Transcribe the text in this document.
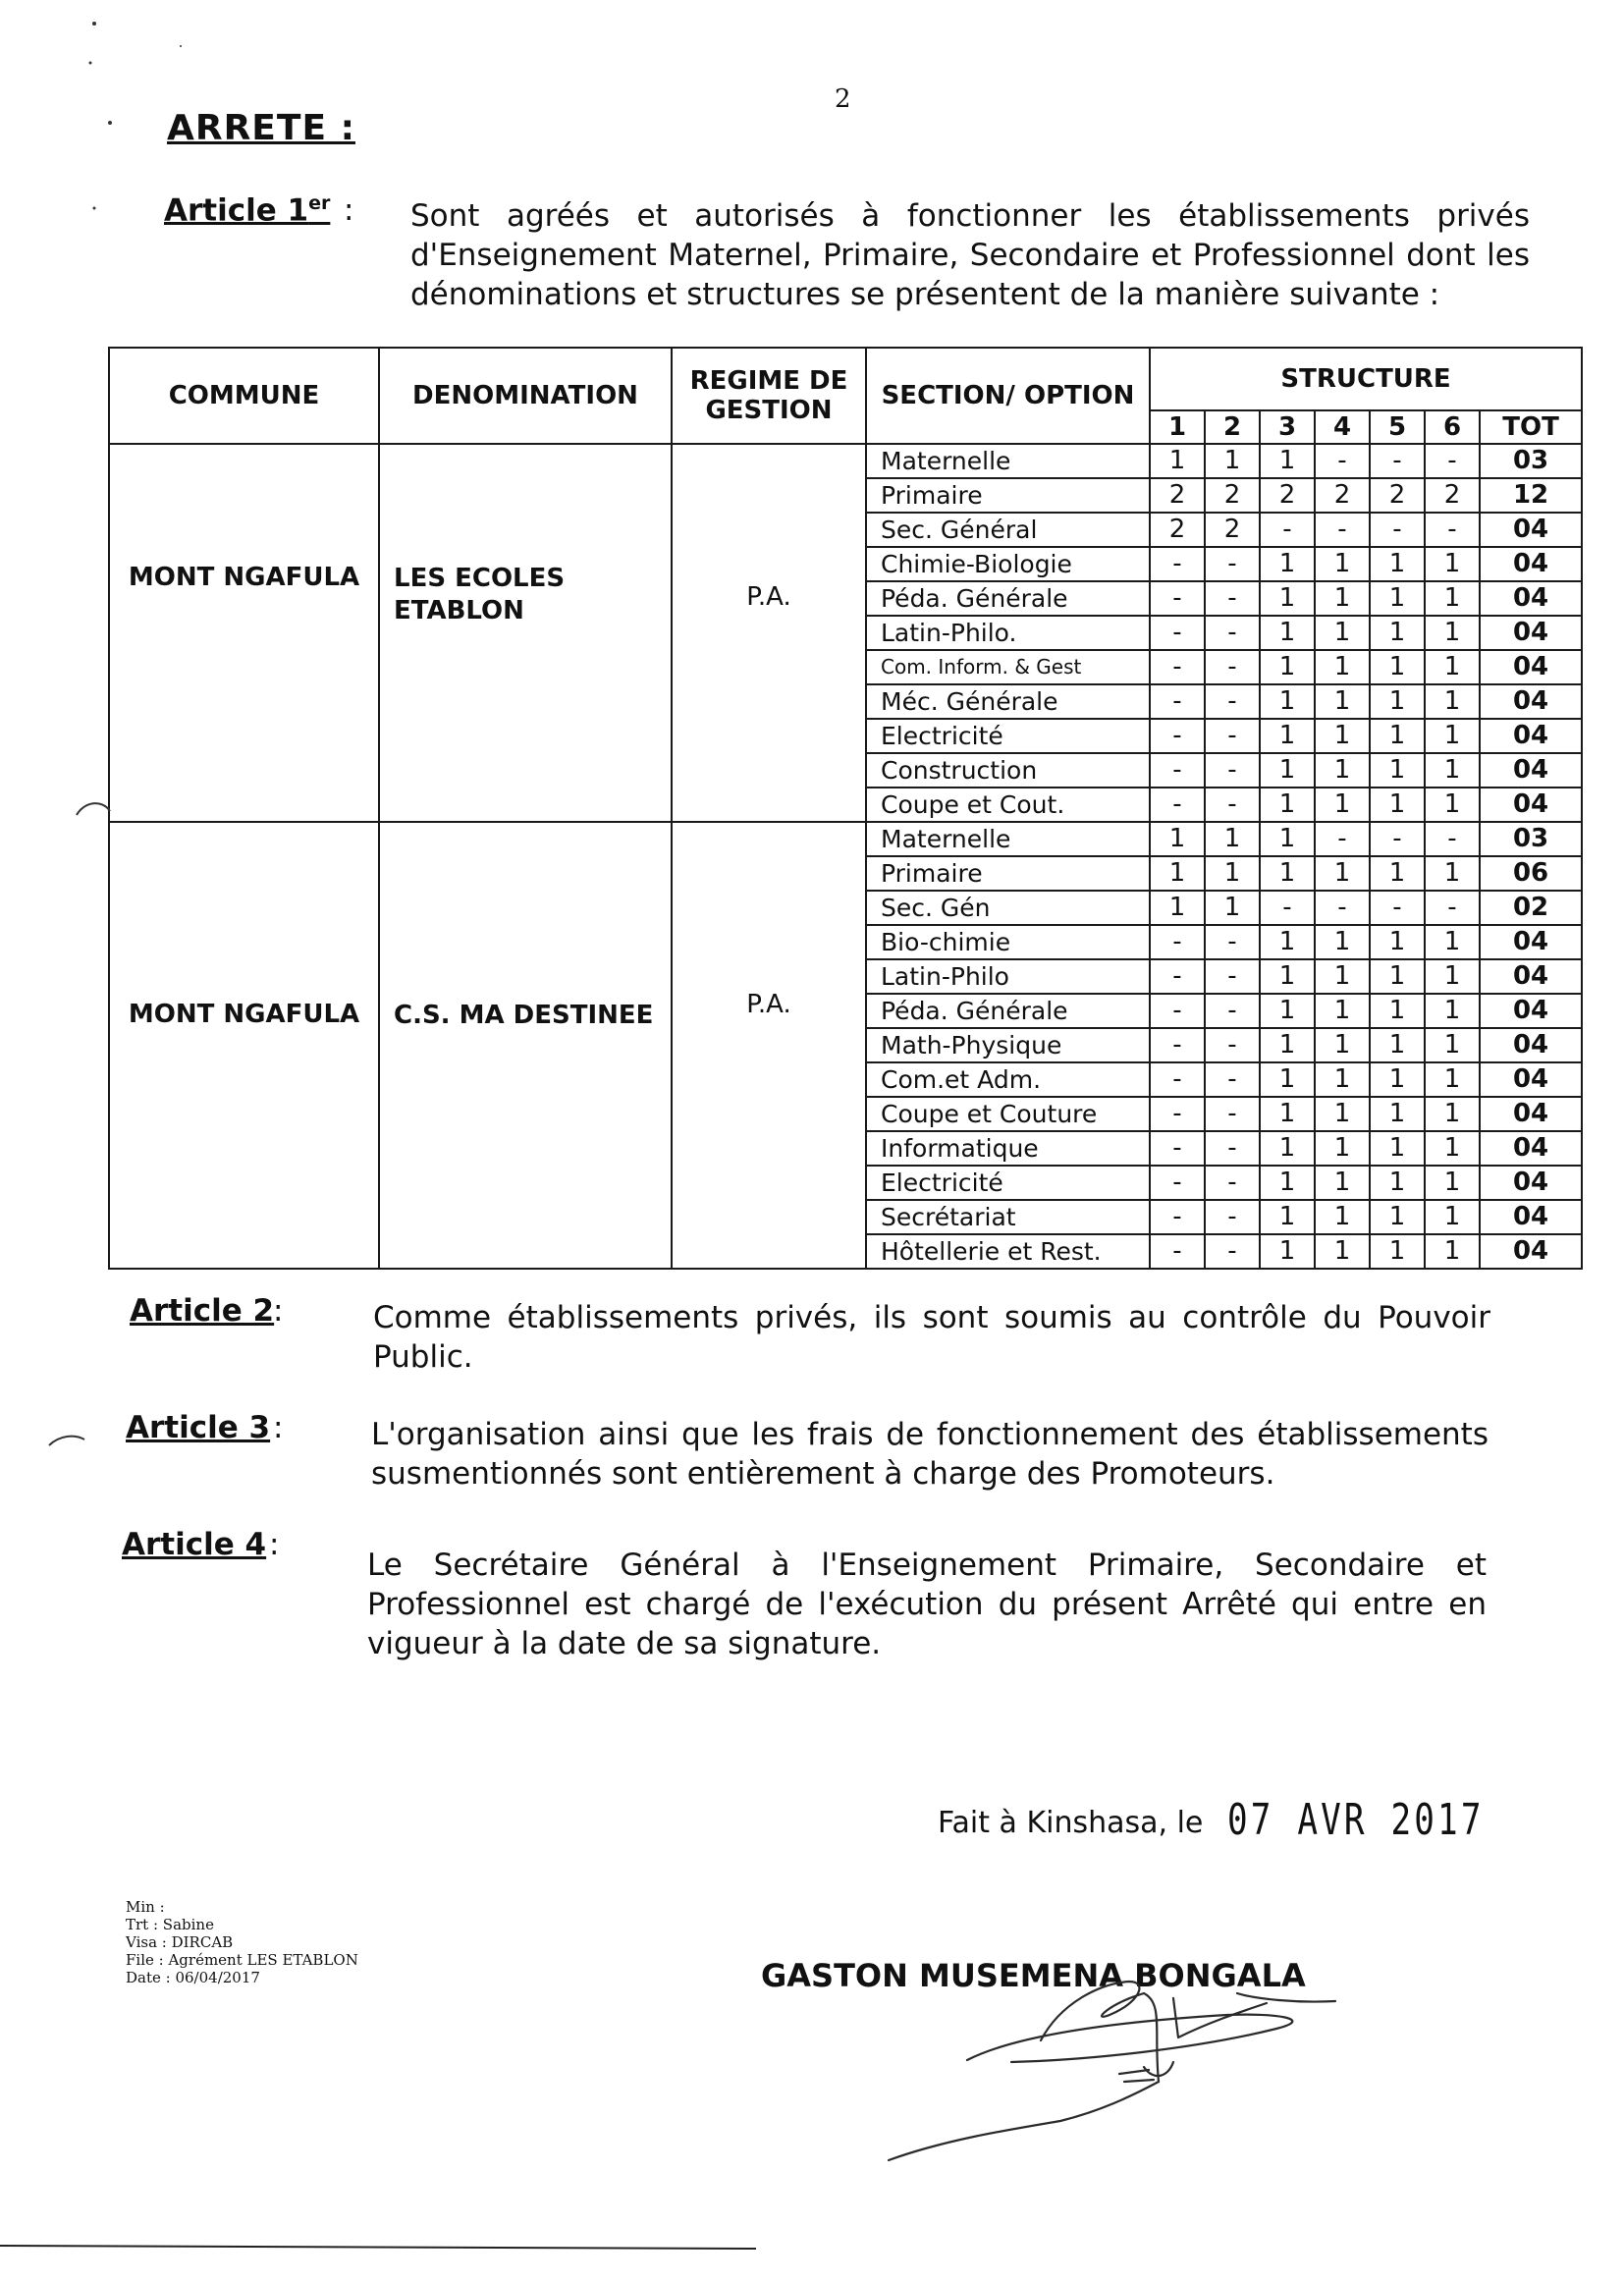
2
ARRETE :
Article 1er : Sont agréés et autorisés à fonctionner les établissements privés d'Enseignement Maternel, Primaire, Secondaire et Professionnel dont les dénominations et structures se présentent de la manière suivante :
COMMUNE	DENOMINATION	REGIME DE GESTION	SECTION/ OPTION	STRUCTURE						
				1	2	3	4	5	6	TOT
MONT NGAFULA	LES ECOLES ETABLON	P.A.	Maternelle	1	1	1	-	-	-	03
			Primaire	2	2	2	2	2	2	12
			Sec. Général	2	2	-	-	-	-	04
			Chimie-Biologie	-	-	1	1	1	1	04
			Péda. Générale	-	-	1	1	1	1	04
			Latin-Philo.	-	-	1	1	1	1	04
			Com. Inform. & Gest	-	-	1	1	1	1	04
			Méc. Générale	-	-	1	1	1	1	04
			Electricité	-	-	1	1	1	1	04
			Construction	-	-	1	1	1	1	04
			Coupe et Cout.	-	-	1	1	1	1	04
MONT NGAFULA	C.S. MA DESTINEE	P.A.	Maternelle	1	1	1	-	-	-	03
			Primaire	1	1	1	1	1	1	06
			Sec. Gén	1	1	-	-	-	-	02
			Bio-chimie	-	-	1	1	1	1	04
			Latin-Philo	-	-	1	1	1	1	04
			Péda. Générale	-	-	1	1	1	1	04
			Math-Physique	-	-	1	1	1	1	04
			Com.et Adm.	-	-	1	1	1	1	04
			Coupe et Couture	-	-	1	1	1	1	04
			Informatique	-	-	1	1	1	1	04
			Electricité	-	-	1	1	1	1	04
			Secrétariat	-	-	1	1	1	1	04
			Hôtellerie et Rest.	-	-	1	1	1	1	04
Article 2
:	Comme établissements privés, ils sont soumis au contrôle du Pouvoir Public.
Article 3 :	L'organisation ainsi que les frais de fonctionnement des établissements susmentionnés sont entièrement à charge des Promoteurs.
Article 4 :
Le Secrétaire Général à l'Enseignement Primaire, Secondaire et Professionnel est chargé de l'exécution du présent Arrêté qui entre en vigueur à la date de sa signature.
Fait à Kinshasa, le 07 AVR 2017
GASTON MUSEMENA BONGALA
Min :
Trt : Sabine
Visa : DIRCAB
File : Agrément LES ETABLON
Date : 06/04/2017
